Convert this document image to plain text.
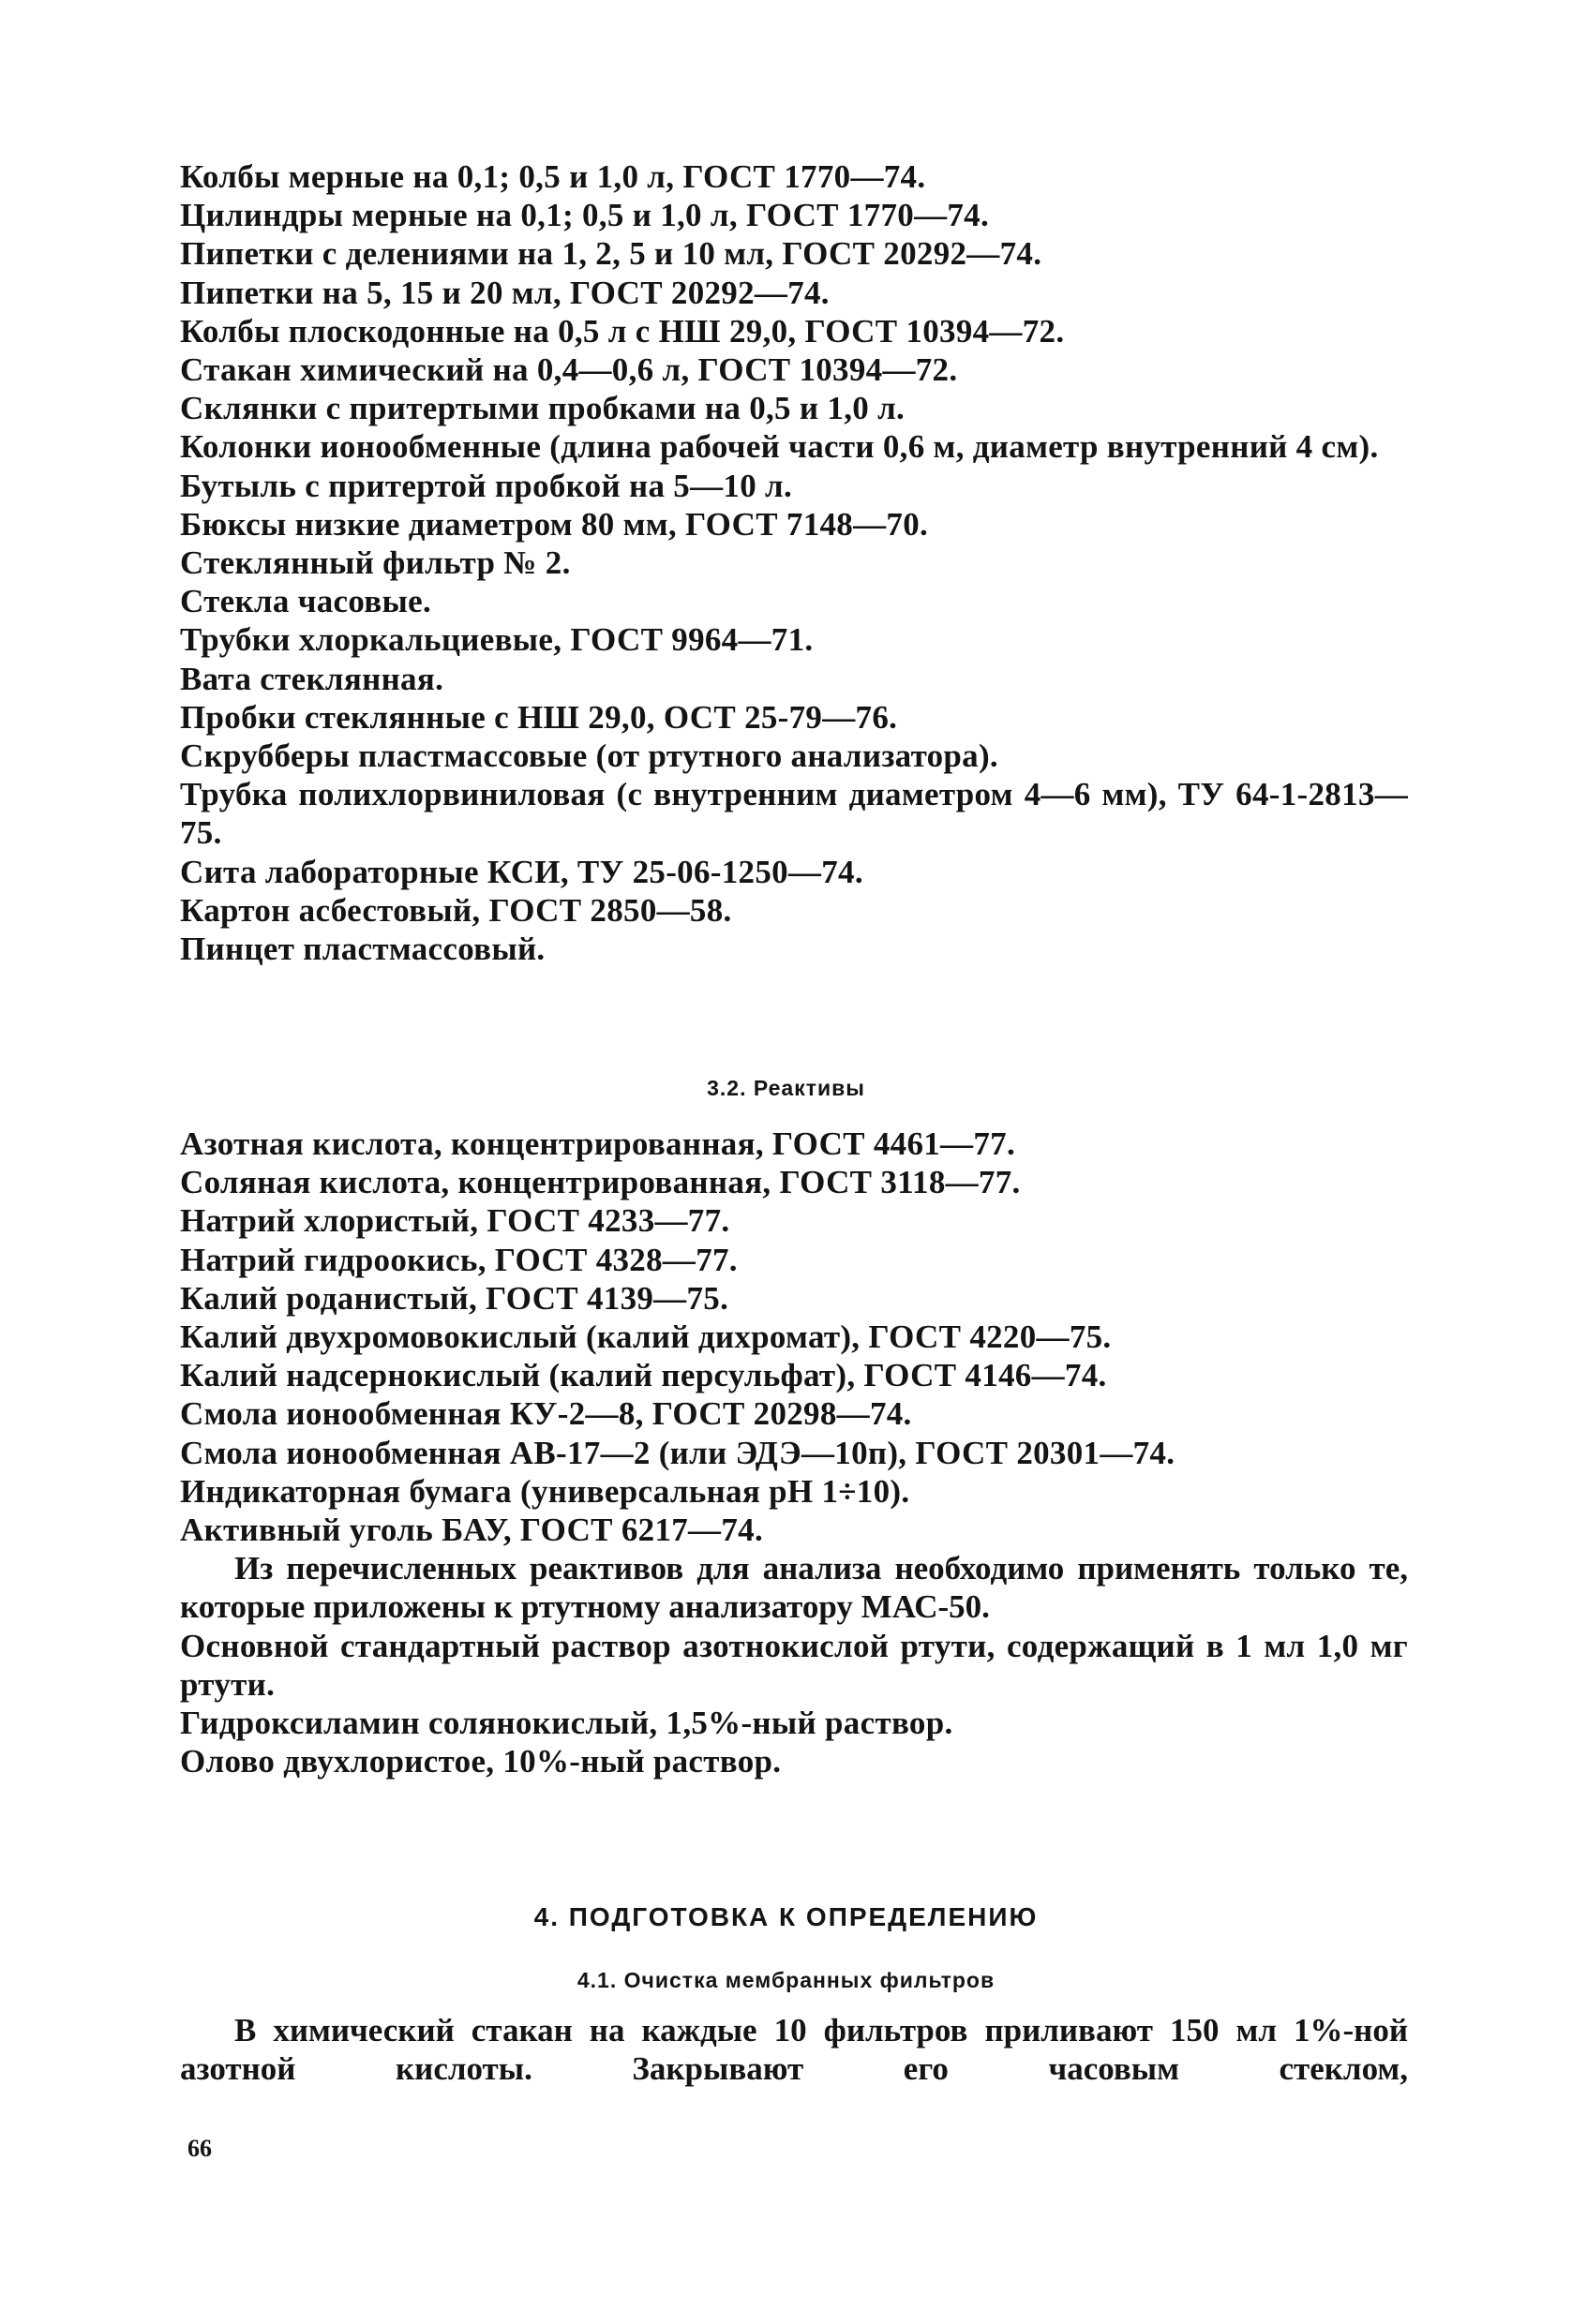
Колбы мерные на 0,1; 0,5 и 1,0 л, ГОСТ 1770—74.
Цилиндры мерные на 0,1; 0,5 и 1,0 л, ГОСТ 1770—74.
Пипетки с делениями на 1, 2, 5 и 10 мл, ГОСТ 20292—74.
Пипетки на 5, 15 и 20 мл, ГОСТ 20292—74.
Колбы плоскодонные на 0,5 л с НШ 29,0, ГОСТ 10394—72.
Стакан химический на 0,4—0,6 л, ГОСТ 10394—72.
Склянки с притертыми пробками на 0,5 и 1,0 л.
Колонки ионообменные (длина рабочей части 0,6 м, диаметр внутренний 4 см).
Бутыль с притертой пробкой на 5—10 л.
Бюксы низкие диаметром 80 мм, ГОСТ 7148—70.
Стеклянный фильтр № 2.
Стекла часовые.
Трубки хлоркальциевые, ГОСТ 9964—71.
Вата стеклянная.
Пробки стеклянные с НШ 29,0, ОСТ 25-79—76.
Скрубберы пластмассовые (от ртутного анализатора).
Трубка полихлорвиниловая (с внутренним диаметром 4—6 мм), ТУ 64-1-2813—75.
Сита лабораторные КСИ, ТУ 25-06-1250—74.
Картон асбестовый, ГОСТ 2850—58.
Пинцет пластмассовый.
3.2. Реактивы
Азотная кислота, концентрированная, ГОСТ 4461—77.
Соляная кислота, концентрированная, ГОСТ 3118—77.
Натрий хлористый, ГОСТ 4233—77.
Натрий гидроокись, ГОСТ 4328—77.
Калий роданистый, ГОСТ 4139—75.
Калий двухромовокислый (калий дихромат), ГОСТ 4220—75.
Калий надсернокислый (калий персульфат), ГОСТ 4146—74.
Смола ионообменная КУ-2—8, ГОСТ 20298—74.
Смола ионообменная АВ-17—2 (или ЭДЭ—10п), ГОСТ 20301—74.
Индикаторная бумага (универсальная рН 1÷10).
Активный уголь БАУ, ГОСТ 6217—74.
Из перечисленных реактивов для анализа необходимо применять только те, которые приложены к ртутному анализатору МАС-50.
Основной стандартный раствор азотнокислой ртути, содержащий в 1 мл 1,0 мг ртути.
Гидроксиламин солянокислый, 1,5%-ный раствор.
Олово двухлористое, 10%-ный раствор.
4. ПОДГОТОВКА К ОПРЕДЕЛЕНИЮ
4.1. Очистка мембранных фильтров
В химический стакан на каждые 10 фильтров приливают 150 мл 1%-ной азотной кислоты. Закрывают его часовым стеклом,
66
